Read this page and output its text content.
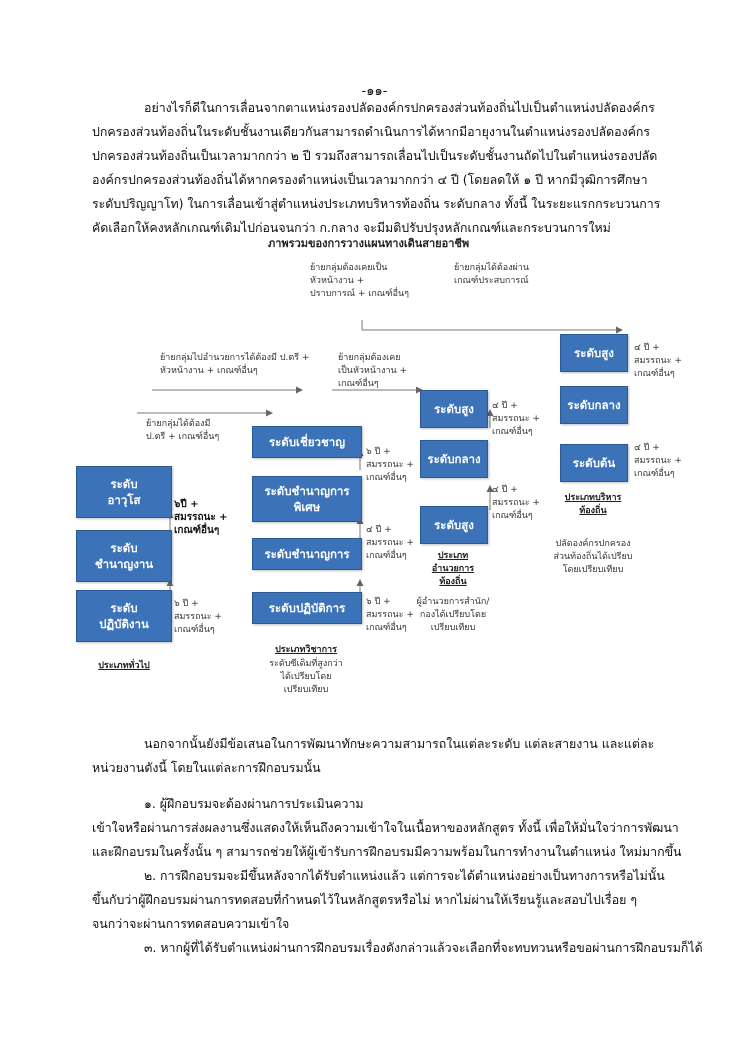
-๑๑-
อย่างไรก็ดีในการเลื่อนจากตาแหน่งรองปลัดองค์กรปกครองส่วนท้องถิ่นไปเป็นตำแหน่งปลัดองค์กร
ปกครองส่วนท้องถิ่นในระดับชั้นงานเดียวกันสามารถดำเนินการได้หากมีอายุงานในตำแหน่งรองปลัดองค์กร
ปกครองส่วนท้องถิ่นเป็นเวลามากกว่า ๒ ปี รวมถึงสามารถเลื่อนไปเป็นระดับชั้นงานถัดไปในตำแหน่งรองปลัด
องค์กรปกครองส่วนท้องถิ่นได้หากครองตำแหน่งเป็นเวลามากกว่า ๔ ปี (โดยลดให้ ๑ ปี หากมีวุฒิการศึกษา
ระดับปริญญาโท) ในการเลื่อนเข้าสู่ตำแหน่งประเภทบริหารท้องถิ่น ระดับกลาง ทั้งนี้ ในระยะแรกกระบวนการ
คัดเลือกให้คงหลักเกณฑ์เดิมไปก่อนจนกว่า ก.กลาง จะมีมติปรับปรุงหลักเกณฑ์และกระบวนการใหม่
ภาพรวมของการวางแผนทางเดินสายอาชีพ
ย้ายกลุ่มต้องเคยเป็น
หัวหน้างาน +
ปราบการณ์ + เกณฑ์อื่นๆ
ย้ายกลุ่มได้ต้องผ่าน
เกณฑ์ประสบการณ์
ย้ายกลุ่มไปอำนวยการได้ต้องมี ป.ตรี +
หัวหน้างาน + เกณฑ์อื่นๆ
ย้ายกลุ่มต้องเคย
เป็นหัวหน้างาน +
เกณฑ์อื่นๆ
ย้ายกลุ่มได้ต้องมี
ป.ตรี + เกณฑ์อื่นๆ
ระดับ
อาวุโส
ระดับ
ชำนาญงาน
ระดับ
ปฏิบัติงาน
๖ปี +
สมรรถนะ +
เกณฑ์อื่นๆ
๖ ปี +
สมรรถนะ +
เกณฑ์อื่นๆ
ประเภททั่วไป
ระดับเชี่ยวชาญ
ระดับชำนาญการ
พิเศษ
ระดับชำนาญการ
ระดับปฏิบัติการ
๖ ปี +
สมรรถนะ +
เกณฑ์อื่นๆ
๔ ปี +
สมรรถนะ +
เกณฑ์อื่นๆ
๖ ปี +
สมรรถนะ +
เกณฑ์อื่นๆ
ประเภทวิชาการ
ระดับซีเดิมที่สูงกว่า
ได้เปรียบโดย
เปรียบเทียบ
ระดับสูง
ระดับกลาง
ระดับสูง
๔ ปี +
สมรรถนะ +
เกณฑ์อื่นๆ
๔ ปี +
สมรรถนะ +
เกณฑ์อื่นๆ
ประเภท
อำนวยการ
ท้องถิ่น
ผู้อำนวยการสำนัก/
กองได้เปรียบโดย
เปรียบเทียบ
ระดับสูง
ระดับกลาง
ระดับต้น
๔ ปี +
สมรรถนะ +
เกณฑ์อื่นๆ
๔ ปี +
สมรรถนะ +
เกณฑ์อื่นๆ
ประเภทบริหาร
ท้องถิ่น
ปลัดองค์กรปกครอง
ส่วนท้องถิ่นได้เปรียบ
โดยเปรียบเทียบ
นอกจากนั้นยังมีข้อเสนอในการพัฒนาทักษะความสามารถในแต่ละระดับ แต่ละสายงาน และแต่ละ
หน่วยงานดังนี้ โดยในแต่ละการฝึกอบรมนั้น
๑. ผู้ฝึกอบรมจะต้องผ่านการประเมินความ
เข้าใจหรือผ่านการส่งผลงานซึ่งแสดงให้เห็นถึงความเข้าใจในเนื้อหาของหลักสูตร ทั้งนี้ เพื่อให้มั่นใจว่าการพัฒนา
และฝึกอบรมในครั้งนั้น ๆ สามารถช่วยให้ผู้เข้ารับการฝึกอบรมมีความพร้อมในการทำงานในตำแหน่ง ใหม่มากขึ้น
๒. การฝึกอบรมจะมีขึ้นหลังจากได้รับตำแหน่งแล้ว แต่การจะได้ตำแหน่งอย่างเป็นทางการหรือไม่นั้น
ขึ้นกับว่าผู้ฝึกอบรมผ่านการทดสอบที่กำหนดไว้ในหลักสูตรหรือไม่ หากไม่ผ่านให้เรียนรู้และสอบไปเรื่อย ๆ
จนกว่าจะผ่านการทดสอบความเข้าใจ
๓. หากผู้ที่ได้รับตำแหน่งผ่านการฝึกอบรมเรื่องดังกล่าวแล้วจะเลือกที่จะทบทวนหรือขอผ่านการฝึกอบรมก็ได้
